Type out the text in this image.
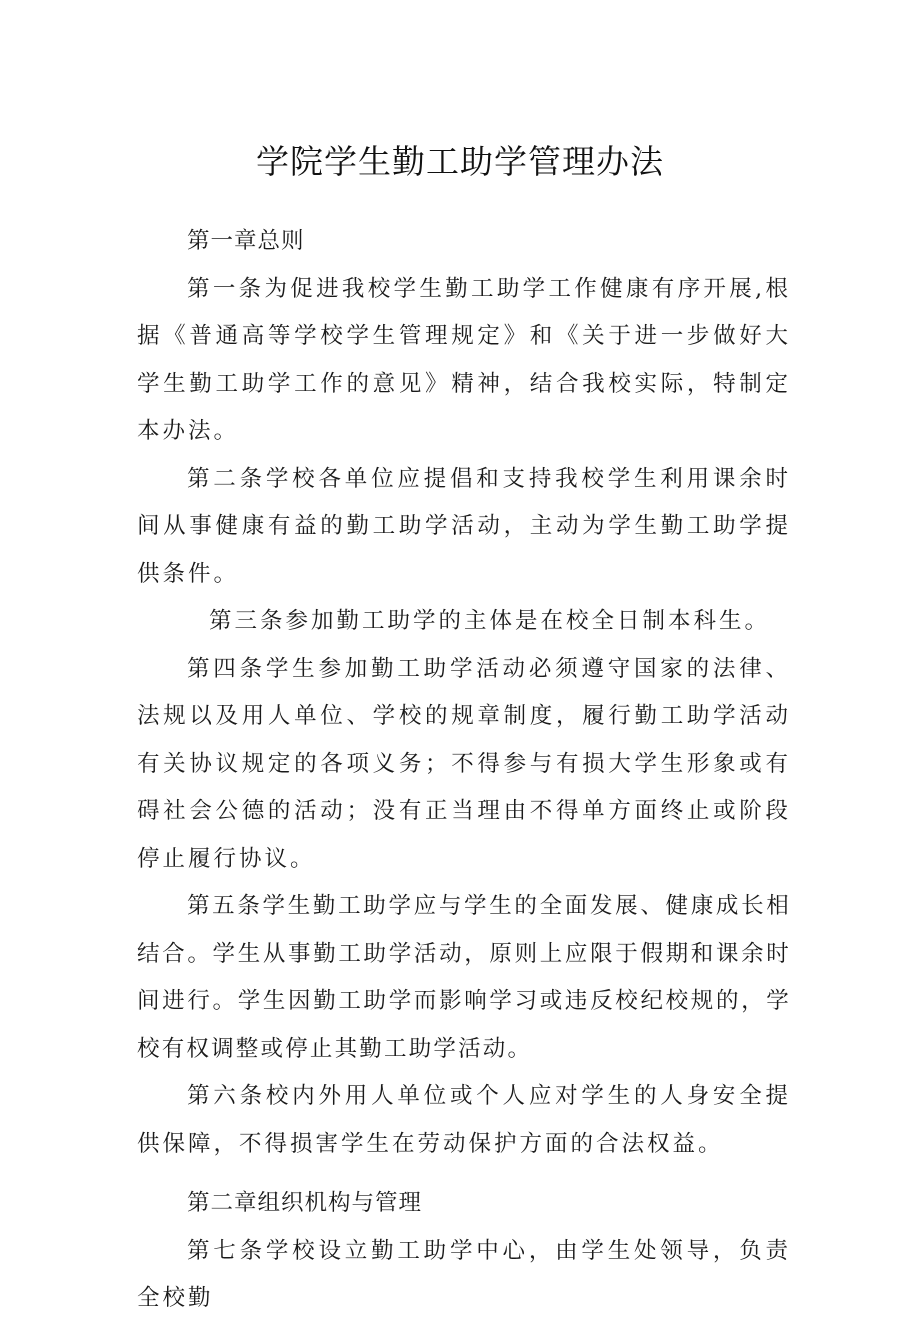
学院学生勤工助学管理办法

第一章总则

第一条为促进我校学生勤工助学工作健康有序开展,根据《普通高等学校学生管理规定》和《关于进一步做好大学生勤工助学工作的意见》精神，结合我校实际，特制定本办法。

第二条学校各单位应提倡和支持我校学生利用课余时间从事健康有益的勤工助学活动，主动为学生勤工助学提供条件。

第三条参加勤工助学的主体是在校全日制本科生。

第四条学生参加勤工助学活动必须遵守国家的法律、法规以及用人单位、学校的规章制度，履行勤工助学活动有关协议规定的各项义务；不得参与有损大学生形象或有碍社会公德的活动；没有正当理由不得单方面终止或阶段停止履行协议。

第五条学生勤工助学应与学生的全面发展、健康成长相结合。学生从事勤工助学活动，原则上应限于假期和课余时间进行。学生因勤工助学而影响学习或违反校纪校规的，学校有权调整或停止其勤工助学活动。

第六条校内外用人单位或个人应对学生的人身安全提供保障，不得损害学生在劳动保护方面的合法权益。

第二章组织机构与管理

第七条学校设立勤工助学中心，由学生处领导，负责全校勤
